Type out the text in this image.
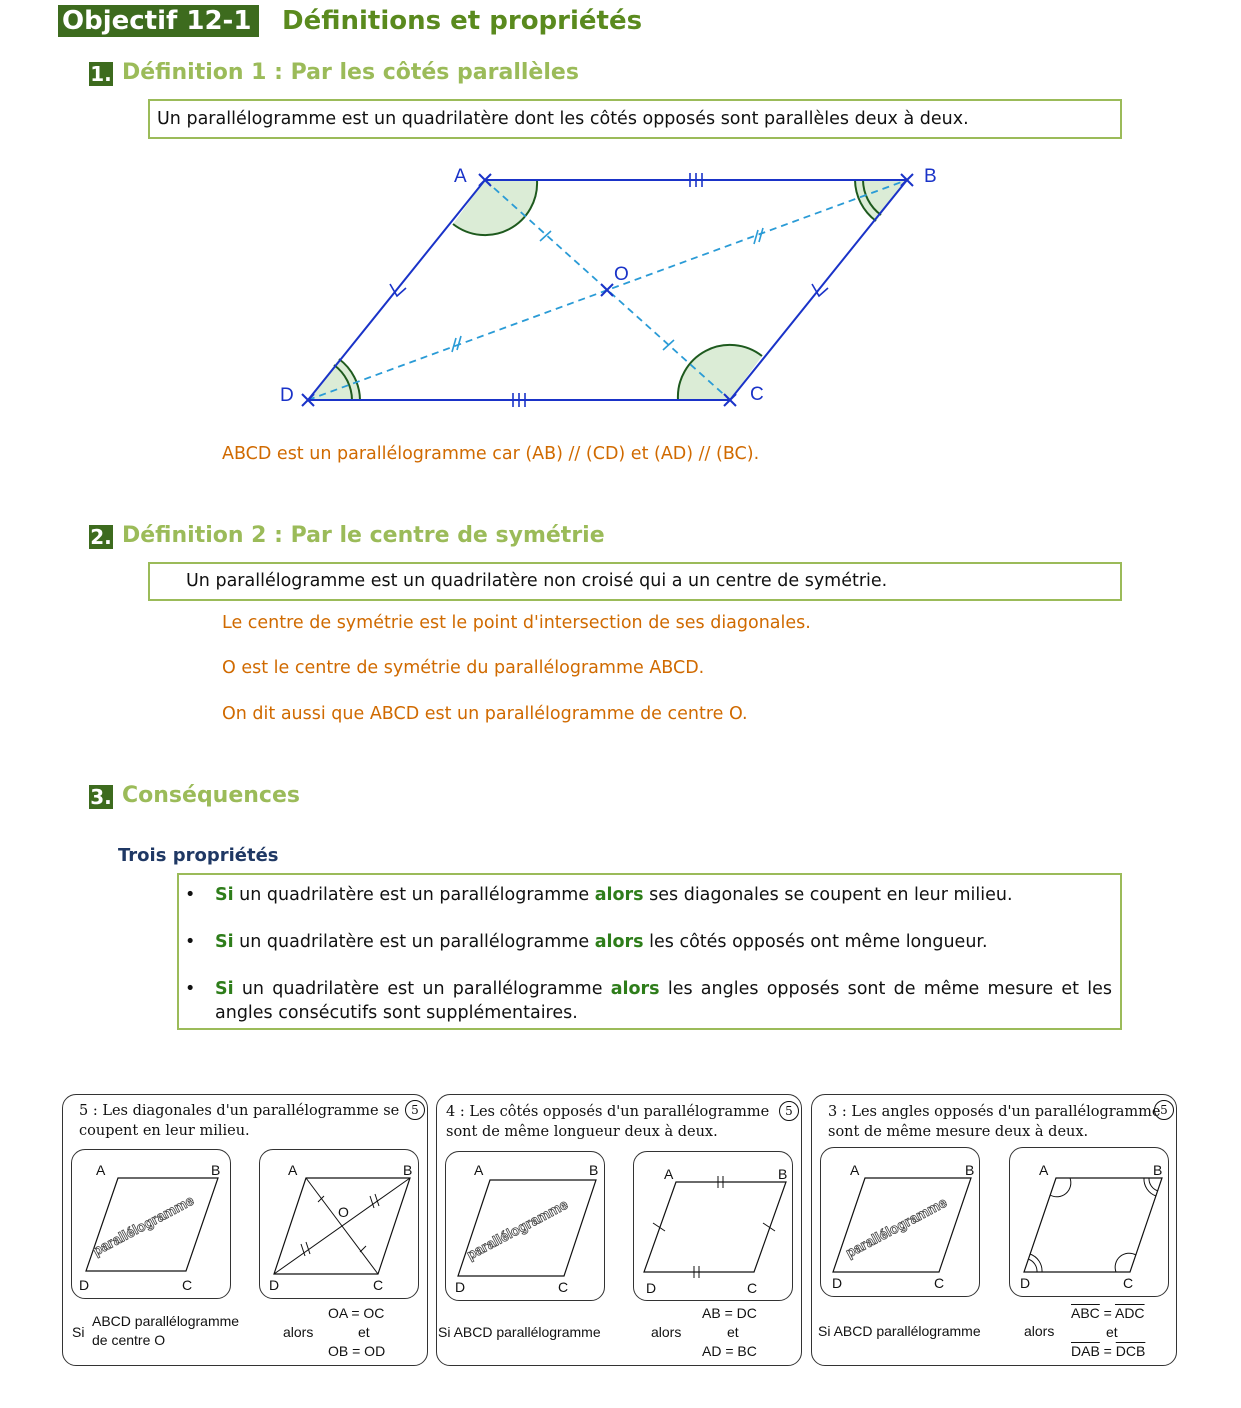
Objectif 12-1	Définitions et propriétés
1. Définition 1 : Par les côtés parallèles
Un parallélogramme est un quadrilatère dont les côtés opposés sont parallèles deux à deux.
A	B
C
D
O
ABCD est un parallélogramme car (AB) // (CD) et (AD) // (BC).
2. Définition 2 : Par le centre de symétrie
Un parallélogramme est un quadrilatère non croisé qui a un centre de symétrie.
Le centre de symétrie est le point d'intersection de ses diagonales.
O est le centre de symétrie du parallélogramme ABCD.
On dit aussi que ABCD est un parallélogramme de centre O.
3. Conséquences
Trois propriétés
• Si un quadrilatère est un parallélogramme alors ses diagonales se coupent en leur milieu.
• Si un quadrilatère est un parallélogramme alors les côtés opposés ont même longueur.
• Si un quadrilatère est un parallélogramme alors les angles opposés sont de même mesure et les angles consécutifs sont supplémentaires.
5 : Les diagonales d'un parallélogramme se
coupent en leur milieu.
5
parallélogramme
A	B
C
D
A	B
C
D
O
Si
ABCD parallélogramme
de centre O	alors
OA = OC
et
OB = OD
4 : Les côtés opposés d'un parallélogramme
sont de même longueur deux à deux.
5
parallélogramme
A	B
C
D
A	B
C
D
Si ABCD parallélogramme	alors
AB = DC
et
AD = BC
3 : Les angles opposés d'un parallélogramme
sont de même mesure deux à deux.
5
parallélogramme
A	B
C
D
A	B
C
D
Si ABCD parallélogramme	alors
$\overline{ABC} = \overline{ADC}$
et
$\overline{DAB} = \overline{DCB}$
